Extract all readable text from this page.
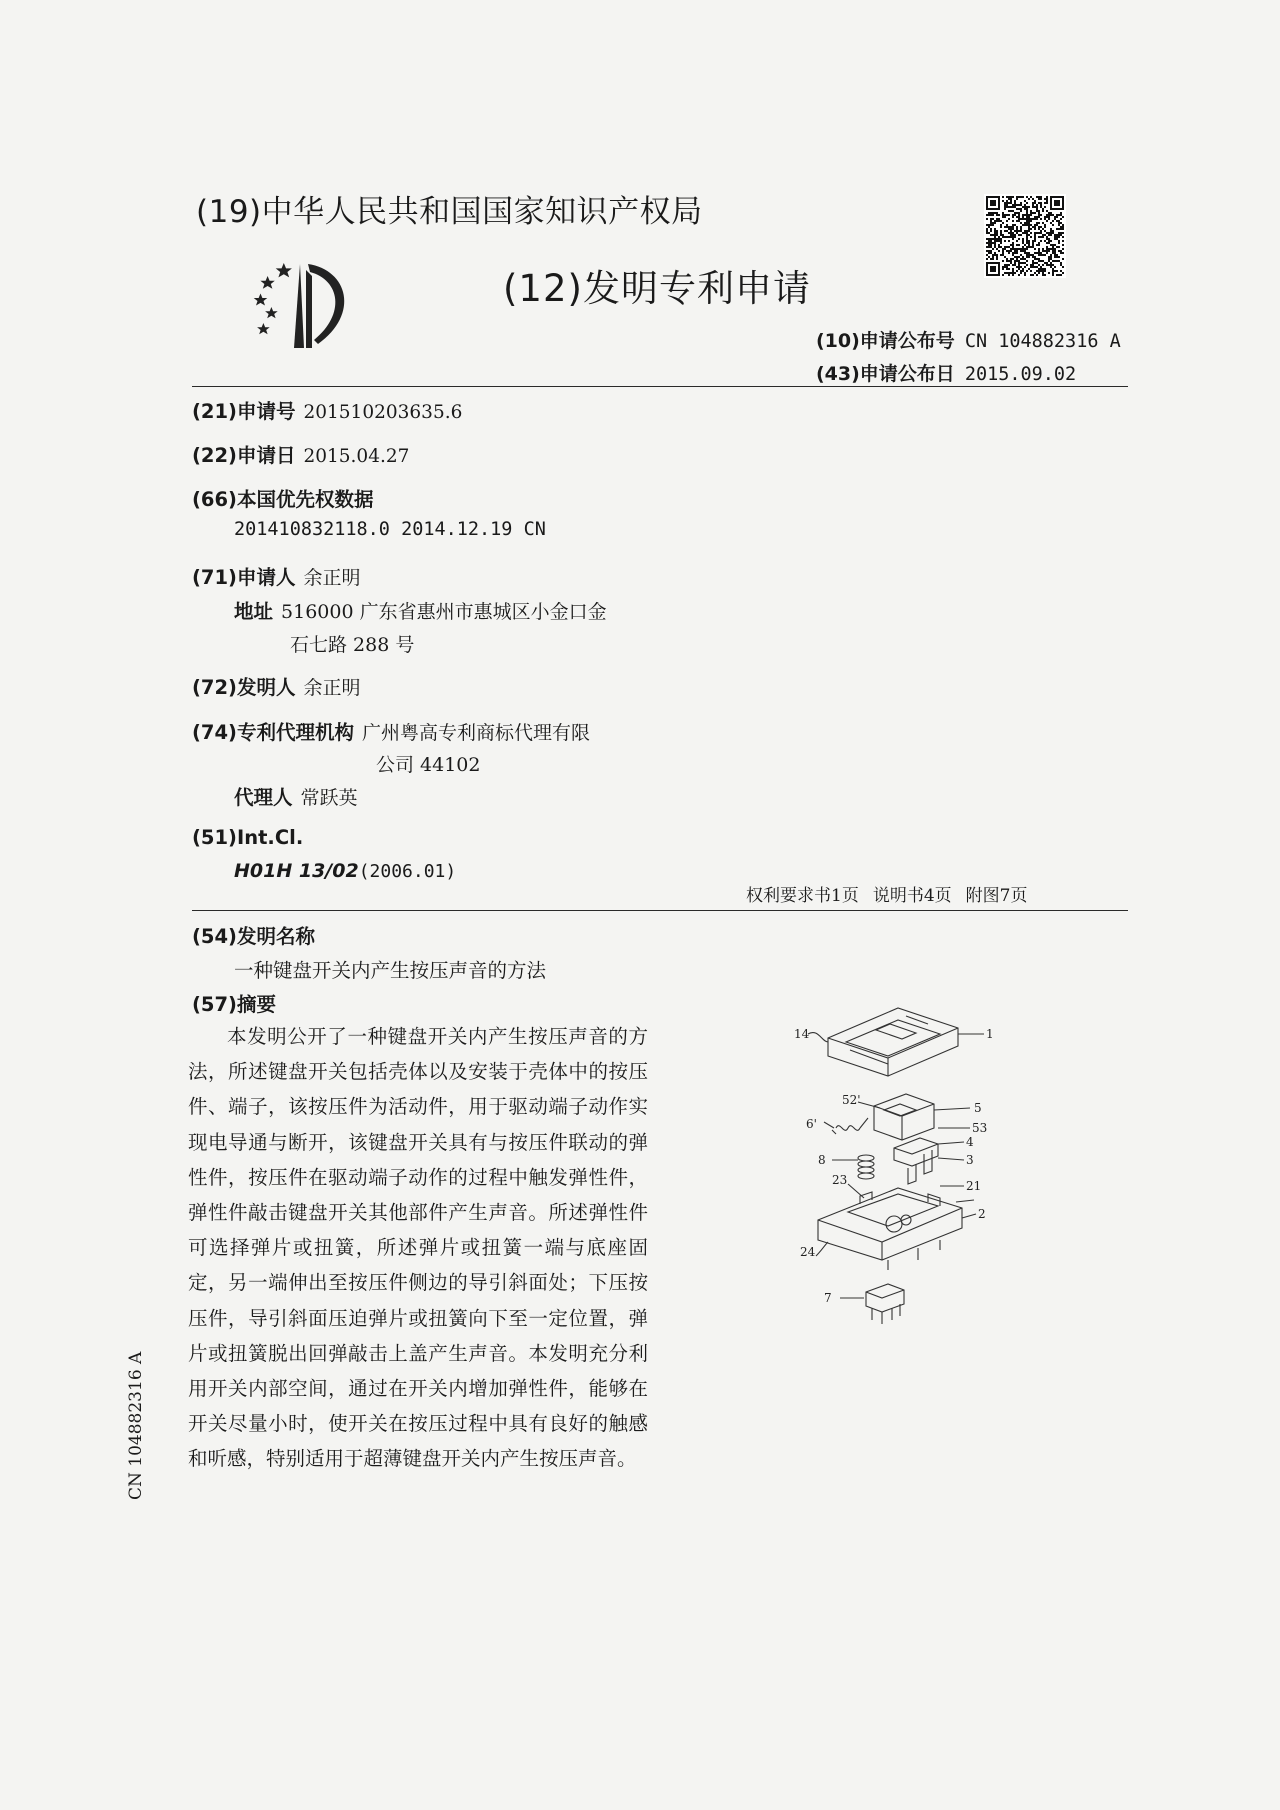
(19)中华人民共和国国家知识产权局
(12)发明专利申请
(10)申请公布号 CN 104882316 A
(43)申请公布日 2015.09.02
(21)申请号 201510203635.6
(22)申请日 2015.04.27
(66)本国优先权数据
201410832118.0 2014.12.19 CN
(71)申请人 余正明
地址 516000 广东省惠州市惠城区小金口金
石七路 288 号
(72)发明人 余正明
(74)专利代理机构 广州粤高专利商标代理有限
公司 44102
代理人 常跃英
(51)Int.Cl.
H01H 13/02(2006.01)
权利要求书1页 说明书4页 附图7页
(54)发明名称
一种键盘开关内产生按压声音的方法
(57)摘要
本发明公开了一种键盘开关内产生按压声音的方法，所述键盘开关包括壳体以及安装于壳体中的按压件、端子，该按压件为活动件，用于驱动端子动作实现电导通与断开，该键盘开关具有与按压件联动的弹性件，按压件在驱动端子动作的过程中触发弹性件，弹性件敲击键盘开关其他部件产生声音。所述弹性件可选择弹片或扭簧，所述弹片或扭簧一端与底座固定，另一端伸出至按压件侧边的导引斜面处；下压按压件，导引斜面压迫弹片或扭簧向下至一定位置，弹片或扭簧脱出回弹敲击上盖产生声音。本发明充分利用开关内部空间，通过在开关内增加弹性件，能够在开关尽量小时，使开关在按压过程中具有良好的触感和听感，特别适用于超薄键盘开关内产生按压声音。
14	1
52'
5
53
6'
4
8	3
23	21
2
24
7
CN 104882316 A
